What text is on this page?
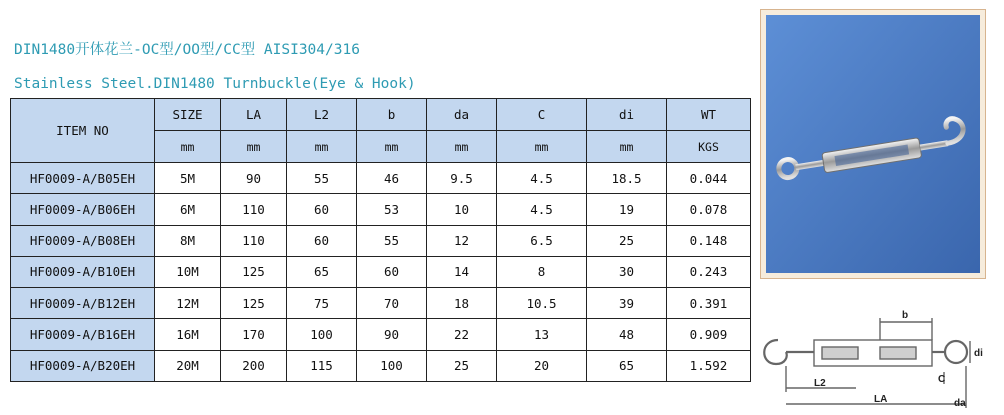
DIN1480开体花兰-OC型/OO型/CC型 AISI304/316
Stainless Steel.DIN1480 Turnbuckle(Eye & Hook)
ITEM NO	SIZE	LA	L2	b	da	C	di	WT
	mm	mm	mm	mm	mm	mm	mm	KGS
HF0009-A/B05EH	5M	90	55	46	9.5	4.5	18.5	0.044
HF0009-A/B06EH	6M	110	60	53	10	4.5	19	0.078
HF0009-A/B08EH	8M	110	60	55	12	6.5	25	0.148
HF0009-A/B10EH	10M	125	65	60	14	8	30	0.243
HF0009-A/B12EH	12M	125	75	70	18	10.5	39	0.391
HF0009-A/B16EH	16M	170	100	90	22	13	48	0.909
HF0009-A/B20EH	20M	200	115	100	25	20	65	1.592
b
di
C
L2
LA	da
